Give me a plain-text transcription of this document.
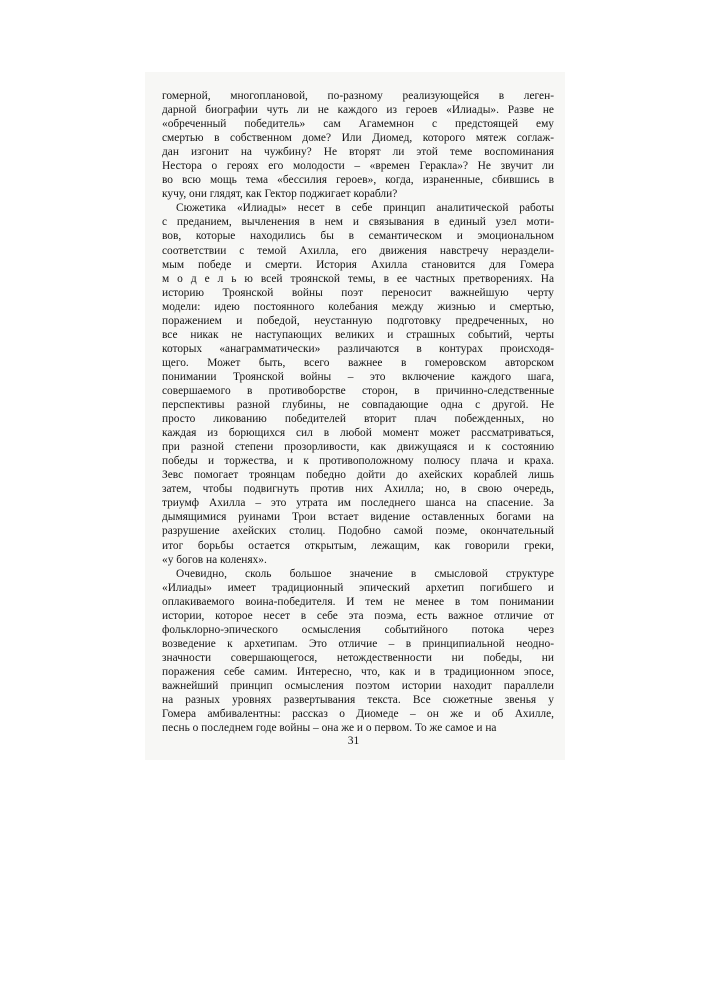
гомерной, многоплановой, по-разному реализующейся в леген-
дарной биографии чуть ли не каждого из героев «Илиады». Разве не
«обреченный победитель» сам Агамемнон с предстоящей ему
смертью в собственном доме? Или Диомед, которого мятеж соглаж-
дан изгонит на чужбину? Не вторят ли этой теме воспоминания
Нестора о героях его молодости – «времен Геракла»? Не звучит ли
во всю мощь тема «бессилия героев», когда, израненные, сбившись в
кучу, они глядят, как Гектор поджигает корабли?
Сюжетика «Илиады» несет в себе принцип аналитической работы
с преданием, вычленения в нем и связывания в единый узел моти-
вов, которые находились бы в семантическом и эмоциональном
соответствии с темой Ахилла, его движения навстречу нераздели-
мым победе и смерти. История Ахилла становится для Гомера
м о д е л ь ю всей троянской темы, в ее частных претворениях. На
историю Троянской войны поэт переносит важнейшую черту
модели: идею постоянного колебания между жизнью и смертью,
поражением и победой, неустанную подготовку предреченных, но
все никак не наступающих великих и страшных событий, черты
которых «анаграмматически» различаются в контурах происходя-
щего. Может быть, всего важнее в гомеровском авторском
понимании Троянской войны – это включение каждого шага,
совершаемого в противоборстве сторон, в причинно-следственные
перспективы разной глубины, не совпадающие одна с другой. Не
просто ликованию победителей вторит плач побежденных, но
каждая из борющихся сил в любой момент может рассматриваться,
при разной степени прозорливости, как движущаяся и к состоянию
победы и торжества, и к противоположному полюсу плача и краха.
Зевс помогает троянцам победно дойти до ахейских кораблей лишь
затем, чтобы подвигнуть против них Ахилла; но, в свою очередь,
триумф Ахилла – это утрата им последнего шанса на спасение. За
дымящимися руинами Трои встает видение оставленных богами на
разрушение ахейских столиц. Подобно самой поэме, окончательный
итог борьбы остается открытым, лежащим, как говорили греки,
«у богов на коленях».
Очевидно, сколь большое значение в смысловой структуре
«Илиады» имеет традиционный эпический архетип погибшего и
оплакиваемого воина-победителя. И тем не менее в том понимании
истории, которое несет в себе эта поэма, есть важное отличие от
фольклорно-эпического осмысления событийного потока через
возведение к архетипам. Это отличие – в принципиальной неодно-
значности совершающегося, нетождественности ни победы, ни
поражения себе самим. Интересно, что, как и в традиционном эпосе,
важнейший принцип осмысления поэтом истории находит параллели
на разных уровнях развертывания текста. Все сюжетные звенья у
Гомера амбивалентны: рассказ о Диомеде – он же и об Ахилле,
песнь о последнем годе войны – она же и о первом. То же самое и на
31
